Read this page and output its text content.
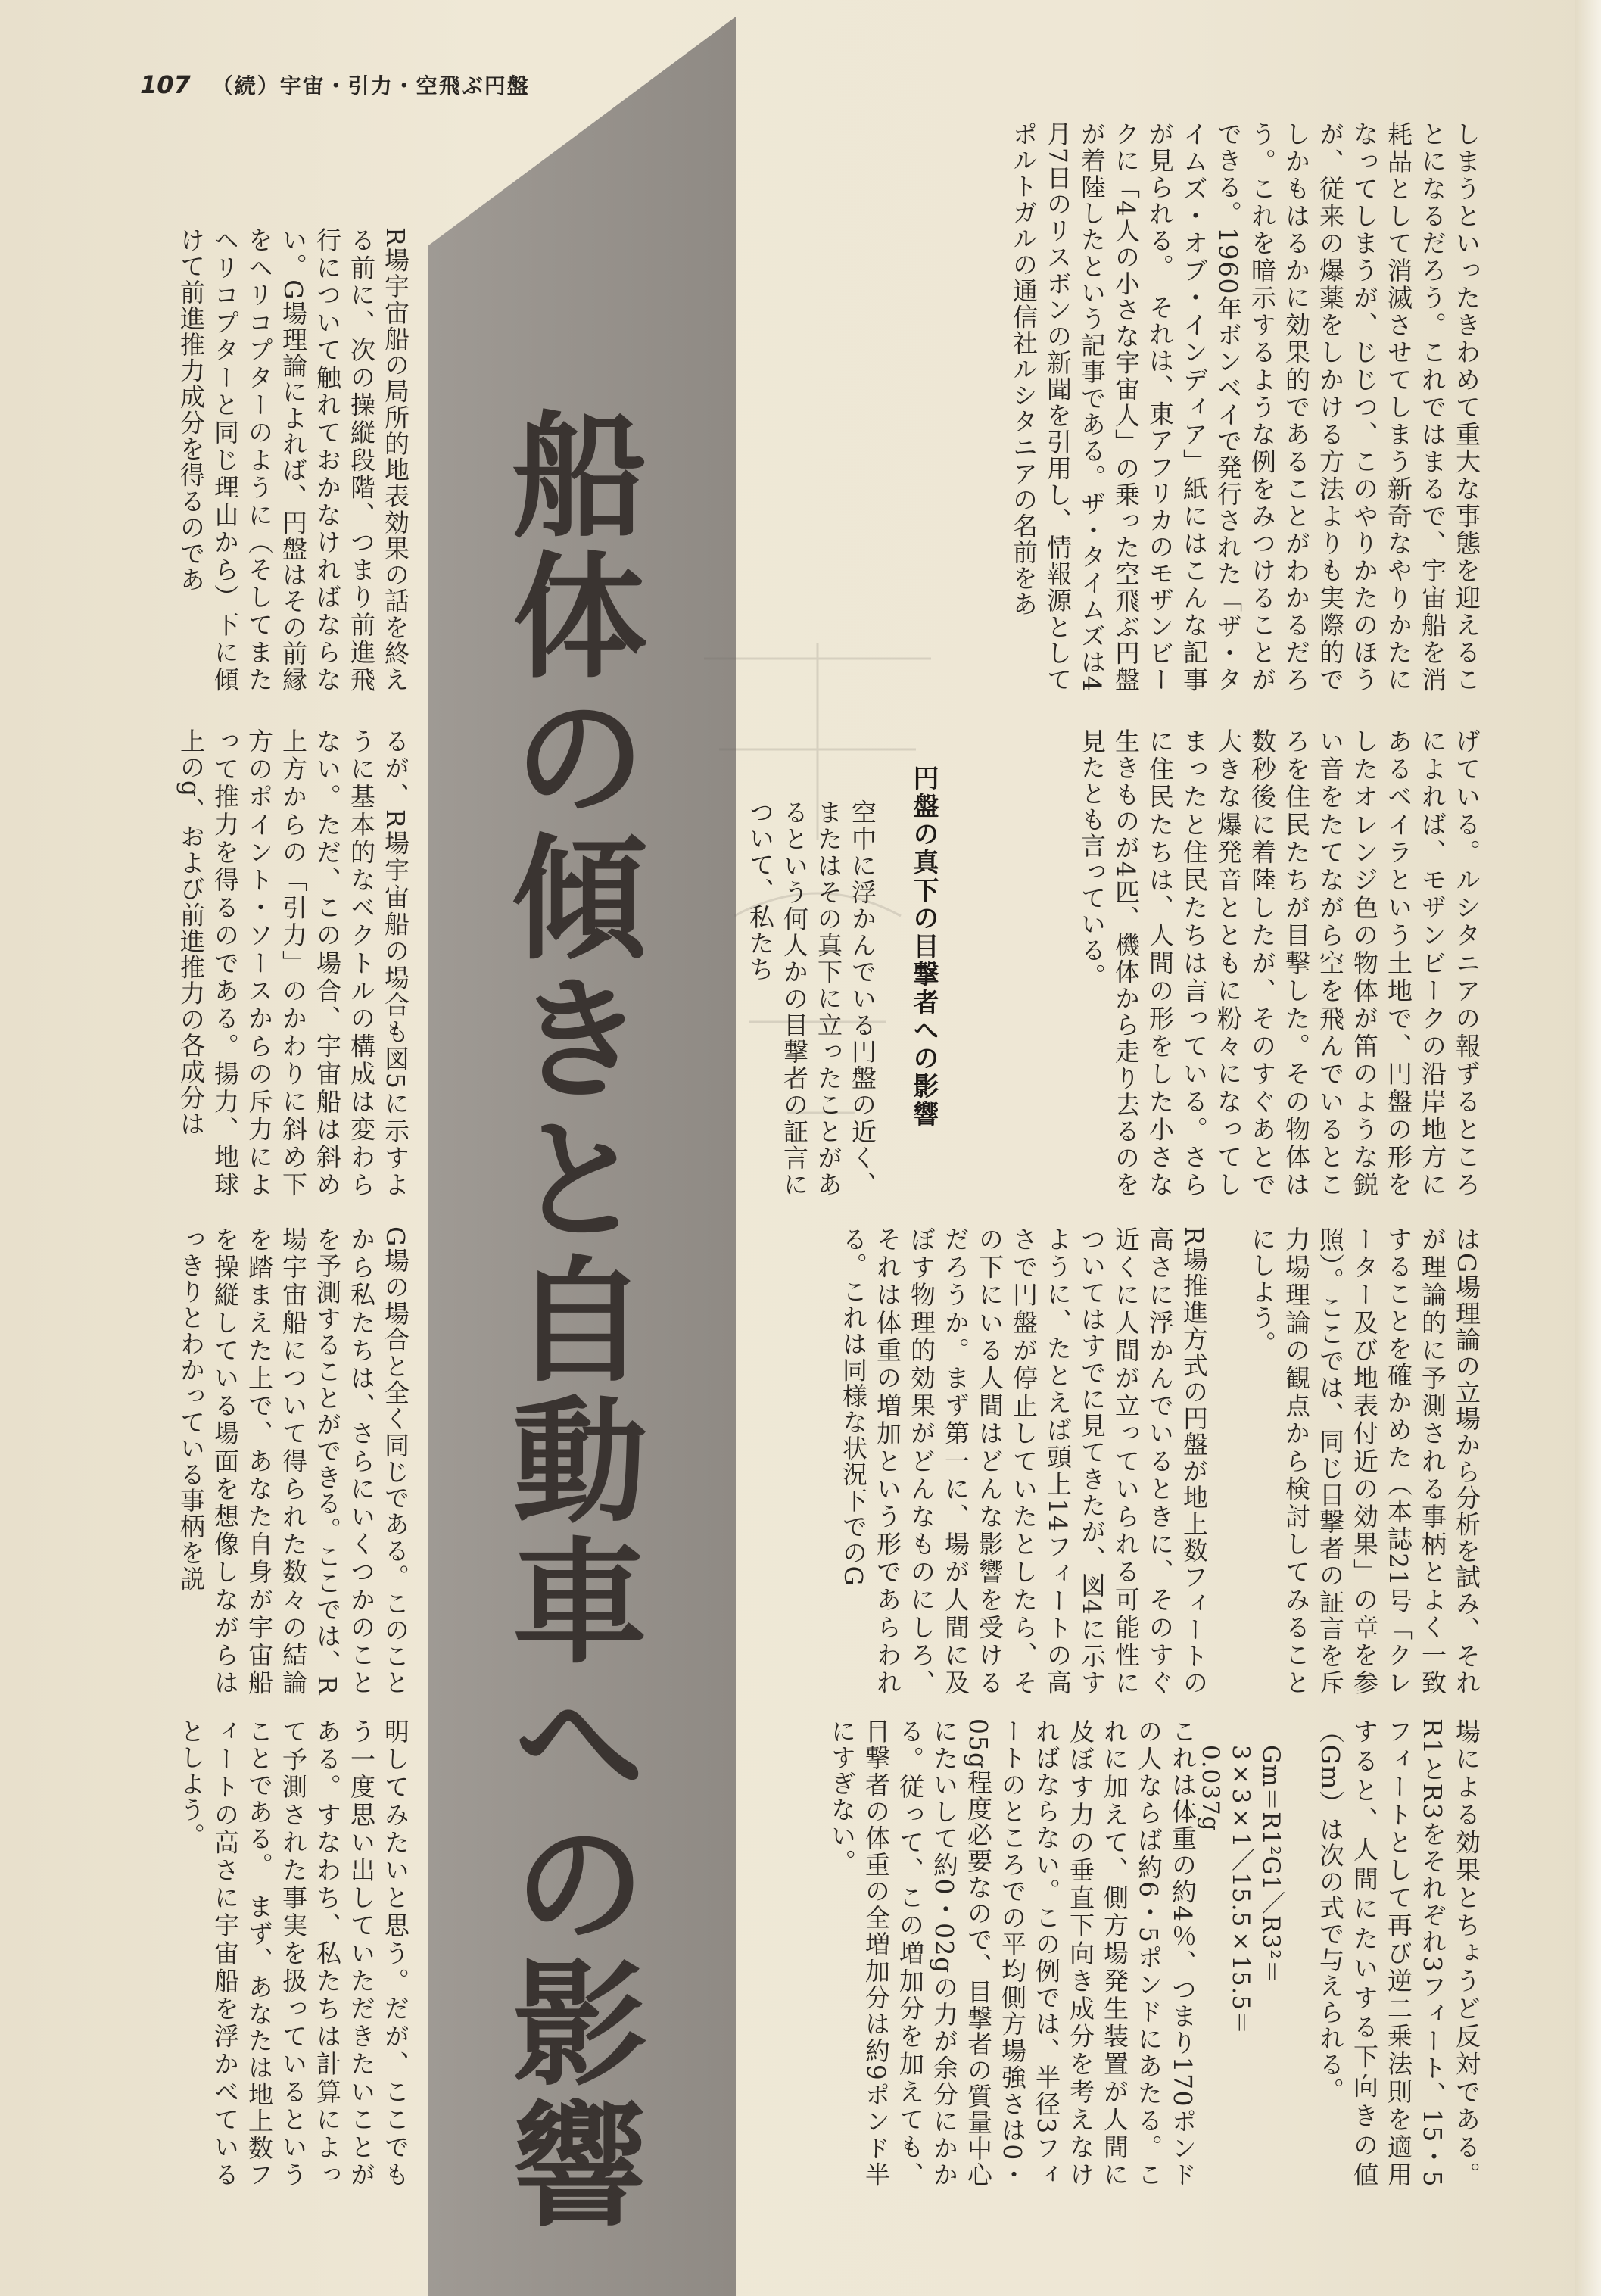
107 （続）宇宙・引力・空飛ぶ円盤
船体の傾きと自動車への影響	しまうといったきわめて重大な事態を迎えることになるだろう。これではまるで、宇宙船を消耗品として消滅させてしまう新奇なやりかたになってしまうが、じじつ、このやりかたのほうが、従来の爆薬をしかける方法よりも実際的でしかもはるかに効果的であることがわかるだろう。これを暗示するような例をみつけることができる。1960年ボンベイで発行された「ザ・タイムズ・オブ・インディア」紙にはこんな記事が見られる。　それは、東アフリカのモザンビークに「4人の小さな宇宙人」の乗った空飛ぶ円盤が着陸したという記事である。ザ・タイムズは4月7日のリスボンの新聞を引用し、情報源としてポルトガルの通信社ルシタニアの名前をあ
R場宇宙船の局所的地表効果の話を終える前に、次の操縦段階、つまり前進飛行について触れておかなければならない。G場理論によれば、円盤はその前縁をヘリコプターのように（そしてまたヘリコプターと同じ理由から）下に傾けて前進推力成分を得るのであ
げている。ルシタニアの報ずるところによれば、モザンビークの沿岸地方にあるベイラという土地で、円盤の形をしたオレンジ色の物体が笛のような鋭い音をたてながら空を飛んでいるところを住民たちが目撃した。その物体は数秒後に着陸したが、そのすぐあとで大きな爆発音とともに粉々になってしまったと住民たちは言っている。さらに住民たちは、人間の形をした小さな生きものが4匹、機体から走り去るのを見たとも言っている。
円盤の真下の目撃者への影響
空中に浮かんでいる円盤の近く、またはその真下に立ったことがあるという何人かの目撃者の証言について、私たち
るが、R場宇宙船の場合も図5に示すように基本的なベクトルの構成は変わらない。ただ、この場合、宇宙船は斜め上方からの「引力」のかわりに斜め下方のポイント・ソースからの斥力によって推力を得るのである。揚力、地球上のg、および前進推力の各成分は
はG場理論の立場から分析を試み、それが理論的に予測される事柄とよく一致することを確かめた（本誌21号「クレーター及び地表付近の効果」の章を参照）。ここでは、同じ目撃者の証言を斥力場理論の観点から検討してみることにしよう。
R場推進方式の円盤が地上数フィートの高さに浮かんでいるときに、そのすぐ近くに人間が立っていられる可能性についてはすでに見てきたが、図4に示すように、たとえば頭上14フィートの高さで円盤が停止していたとしたら、その下にいる人間はどんな影響を受けるだろうか。まず第一に、場が人間に及ぼす物理的効果がどんなものにしろ、それは体重の増加という形であらわれる。これは同様な状況下でのG
G場の場合と全く同じである。このことから私たちは、さらにいくつかのことを予測することができる。ここでは、R場宇宙船について得られた数々の結論を踏まえた上で、あなた自身が宇宙船を操縦している場面を想像しながらはっきりとわかっている事柄を説
場による効果とちょうど反対である。R1とR3をそれぞれ3フィート、15・5フィートとして再び逆二乗法則を適用すると、人間にたいする下向きの値（Gm）は次の式で与えられる。
Gm＝R1²G1／R3²＝3×3×1／15.5×15.5＝0.037g
これは体重の約4％、つまり170ポンドの人ならば約6・5ポンドにあたる。これに加えて、側方場発生装置が人間に及ぼす力の垂直下向き成分を考えなければならない。この例では、半径3フィートのところでの平均側方場強さは0・05g程度必要なので、目撃者の質量中心にたいして約0・02gの力が余分にかかる。従って、この増加分を加えても、目撃者の体重の全増加分は約9ポンド半にすぎない。
明してみたいと思う。だが、ここでもう一度思い出していただきたいことがある。すなわち、私たちは計算によって予測された事実を扱っているということである。　まず、あなたは地上数フィートの高さに宇宙船を浮かべているとしよう。
